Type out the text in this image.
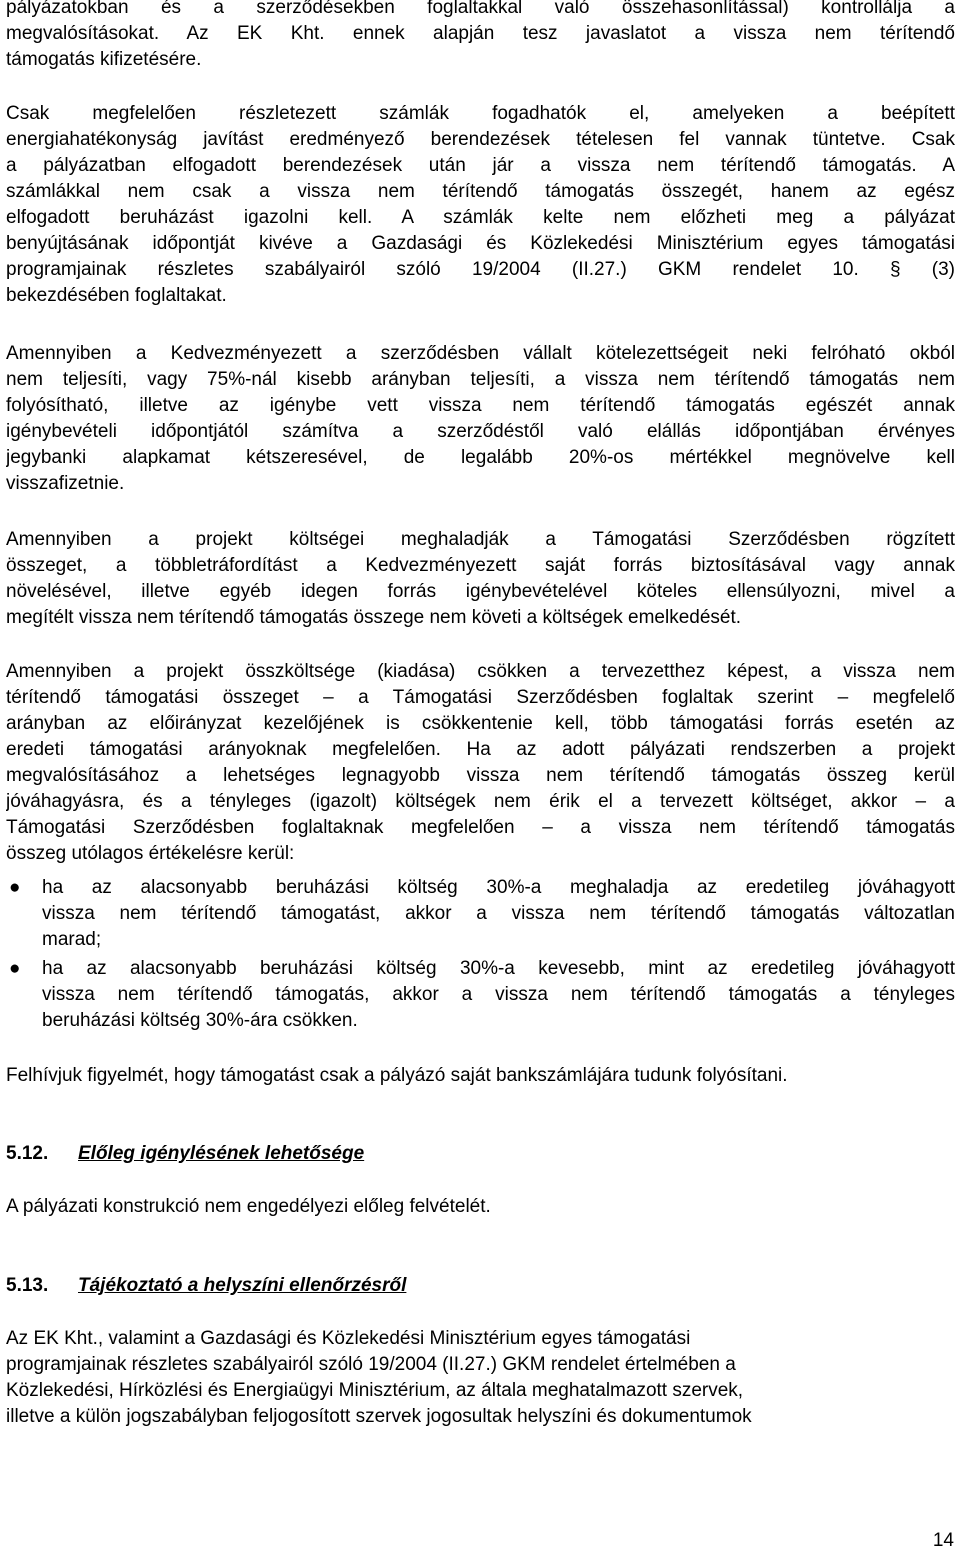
pályázatokban és a szerződésekben foglaltakkal való összehasonlítással) kontrollálja a
megvalósításokat. Az EK Kht. ennek alapján tesz javaslatot a vissza nem térítendő
támogatás kifizetésére.
Csak megfelelően részletezett számlák fogadhatók el, amelyeken a beépített
energiahatékonyság javítást eredményező berendezések tételesen fel vannak tüntetve. Csak
a pályázatban elfogadott berendezések után jár a vissza nem térítendő támogatás. A
számlákkal nem csak a vissza nem térítendő támogatás összegét, hanem az egész
elfogadott beruházást igazolni kell. A számlák kelte nem előzheti meg a pályázat
benyújtásának időpontját kivéve a Gazdasági és Közlekedési Minisztérium egyes támogatási
programjainak részletes szabályairól szóló 19/2004 (II.27.) GKM rendelet 10. § (3)
bekezdésében foglaltakat.
Amennyiben a Kedvezményezett a szerződésben vállalt kötelezettségeit neki felróható okból
nem teljesíti, vagy 75%-nál kisebb arányban teljesíti, a vissza nem térítendő támogatás nem
folyósítható, illetve az igénybe vett vissza nem térítendő támogatás egészét annak
igénybevételi időpontjától számítva a szerződéstől való elállás időpontjában érvényes
jegybanki alapkamat kétszeresével, de legalább 20%-os mértékkel megnövelve kell
visszafizetnie.
Amennyiben a projekt költségei meghaladják a Támogatási Szerződésben rögzített
összeget, a többletráfordítást a Kedvezményezett saját forrás biztosításával vagy annak
növelésével, illetve egyéb idegen forrás igénybevételével köteles ellensúlyozni, mivel a
megítélt vissza nem térítendő támogatás összege nem követi a költségek emelkedését.
Amennyiben a projekt összköltsége (kiadása) csökken a tervezetthez képest, a vissza nem
térítendő támogatási összeget – a Támogatási Szerződésben foglaltak szerint – megfelelő
arányban az előirányzat kezelőjének is csökkentenie kell, több támogatási forrás esetén az
eredeti támogatási arányoknak megfelelően. Ha az adott pályázati rendszerben a projekt
megvalósításához a lehetséges legnagyobb vissza nem térítendő támogatás összeg kerül
jóváhagyásra, és a tényleges (igazolt) költségek nem érik el a tervezett költséget, akkor – a
Támogatási Szerződésben foglaltaknak megfelelően – a vissza nem térítendő támogatás
összeg utólagos értékelésre kerül:
● ha az alacsonyabb beruházási költség 30%-a meghaladja az eredetileg jóváhagyott
vissza nem térítendő támogatást, akkor a vissza nem térítendő támogatás változatlan
marad;
● ha az alacsonyabb beruházási költség 30%-a kevesebb, mint az eredetileg jóváhagyott
vissza nem térítendő támogatás, akkor a vissza nem térítendő támogatás a tényleges
beruházási költség 30%-ára csökken.
Felhívjuk figyelmét, hogy támogatást csak a pályázó saját bankszámlájára tudunk folyósítani.
5.12. Előleg igénylésének lehetősége
A pályázati konstrukció nem engedélyezi előleg felvételét.
5.13. Tájékoztató a helyszíni ellenőrzésről
Az EK Kht., valamint a Gazdasági és Közlekedési Minisztérium egyes támogatási
programjainak részletes szabályairól szóló 19/2004 (II.27.) GKM rendelet értelmében a
Közlekedési, Hírközlési és Energiaügyi Minisztérium, az általa meghatalmazott szervek,
illetve a külön jogszabályban feljogosított szervek jogosultak helyszíni és dokumentumok
14
